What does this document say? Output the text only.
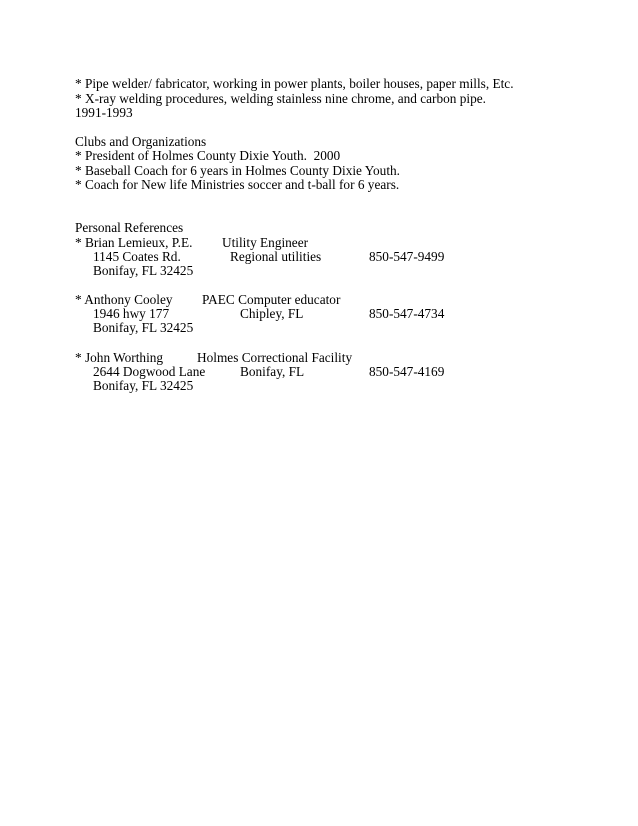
* Pipe welder/ fabricator, working in power plants, boiler houses, paper mills, Etc.
* X-ray welding procedures, welding stainless nine chrome, and carbon pipe.
1991-1993
Clubs and Organizations
* President of Holmes County Dixie Youth.  2000
* Baseball Coach for 6 years in Holmes County Dixie Youth.
* Coach for New life Ministries soccer and t-ball for 6 years.
Personal References
* Brian Lemieux, P.E. Utility Engineer
1145 Coates Rd.	Regional utilities	850-547-9499
Bonifay, FL 32425
* Anthony Cooley PAEC Computer educator
1946 hwy 177	Chipley, FL	850-547-4734
Bonifay, FL 32425
* John Worthing	Holmes Correctional Facility
2644 Dogwood Lane	Bonifay, FL	850-547-4169
Bonifay, FL 32425
